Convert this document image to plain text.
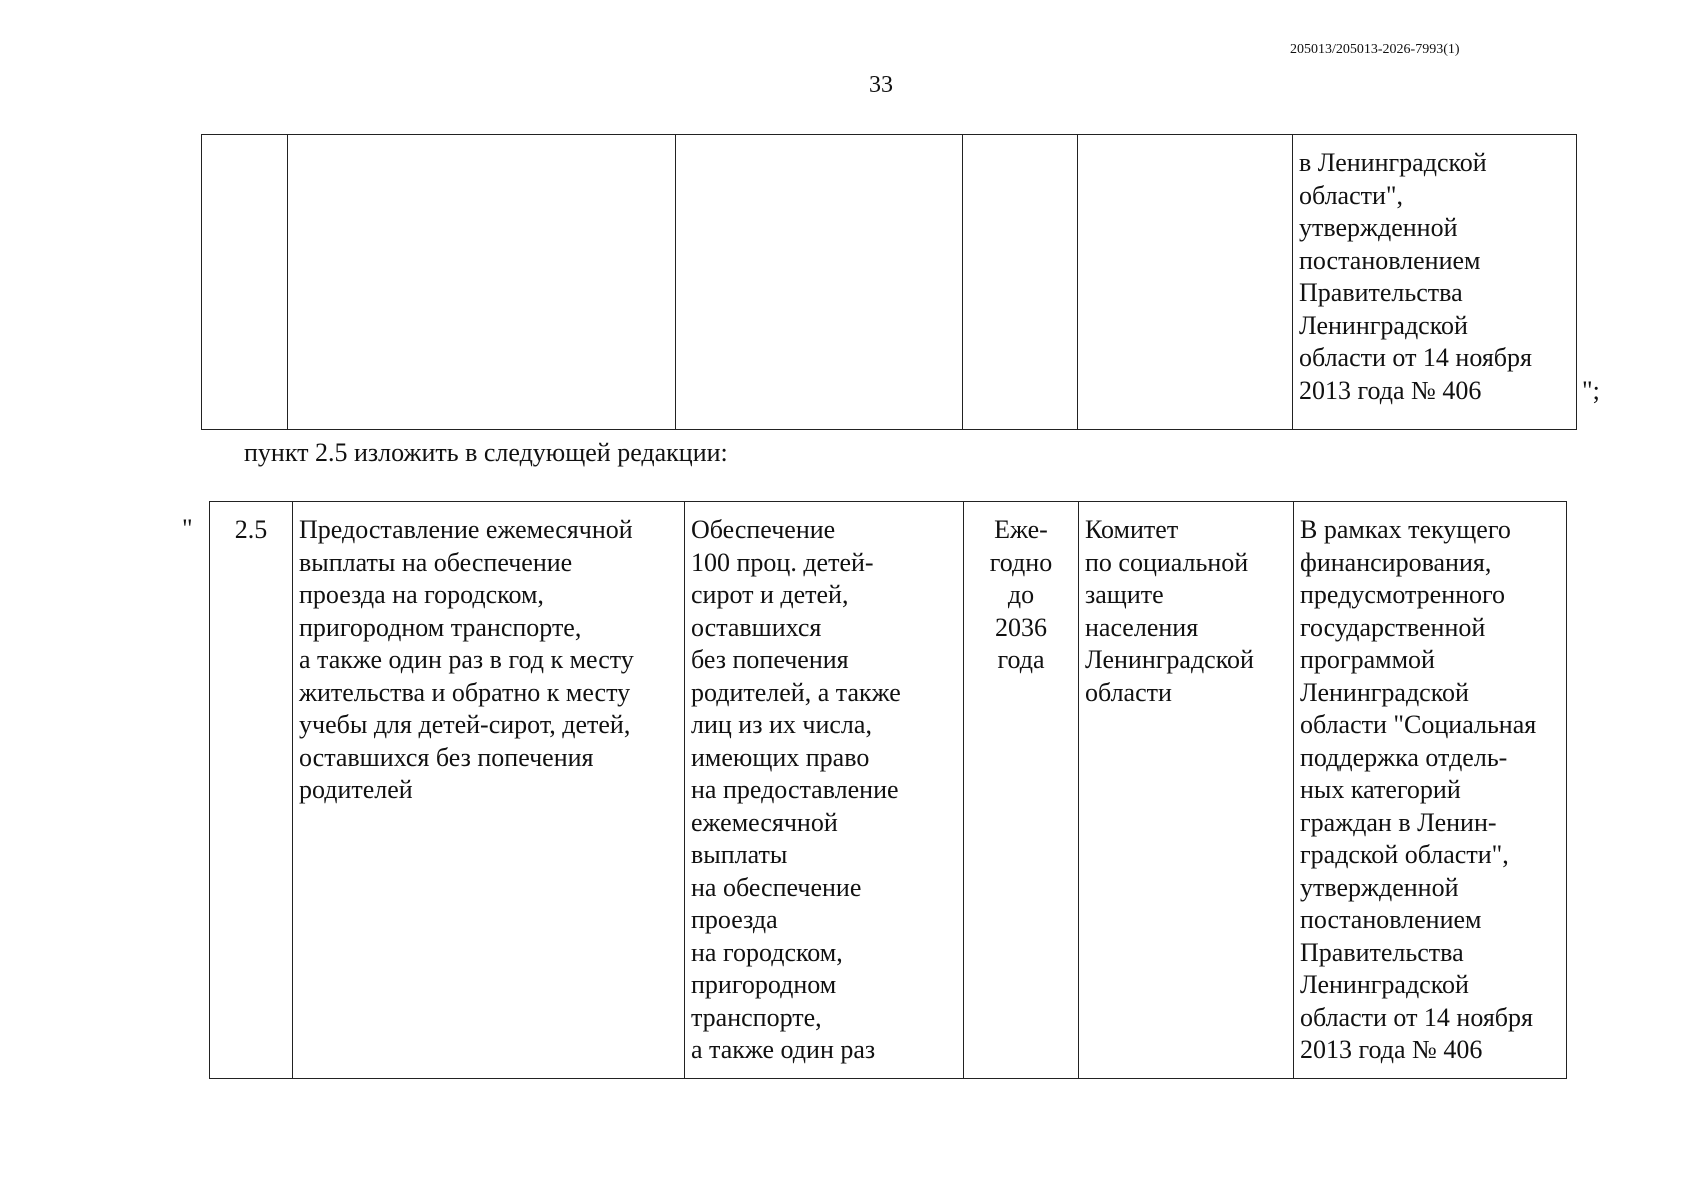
205013/205013-2026-7993(1)
33
					в Ленинградской
области",
утвержденной
постановлением
Правительства
Ленинградской
области от 14 ноября
2013 года № 406	";
пункт 2.5 изложить в следующей редакции:
" 2.5	Предоставление ежемесячной
выплаты на обеспечение
проезда на городском,
пригородном транспорте,
а также один раз в год к месту
жительства и обратно к месту
учебы для детей-сирот, детей,
оставшихся без попечения
родителей	Обеспечение
100 проц. детей-
сирот и детей,
оставшихся
без попечения
родителей, а также
лиц из их числа,
имеющих право
на предоставление
ежемесячной
выплаты
на обеспечение
проезда
на городском,
пригородном
транспорте,
а также один раз	Еже-
годно
до
2036
года	Комитет
по социальной
защите
населения
Ленинградской
области	В рамках текущего
финансирования,
предусмотренного
государственной
программой
Ленинградской
области "Социальная
поддержка отдель-
ных категорий
граждан в Ленин-
градской области",
утвержденной
постановлением
Правительства
Ленинградской
области от 14 ноября
2013 года № 406
